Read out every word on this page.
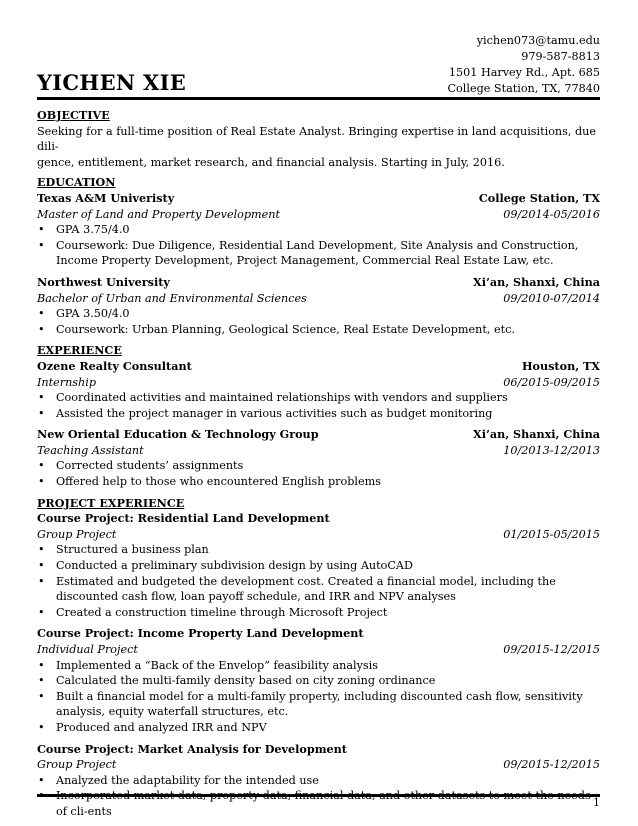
yichen073@tamu.edu
979-587-8813
1501 Harvey Rd., Apt. 685
College Station, TX, 77840
YICHEN XIE
OBJECTIVE
Seeking for a full-time position of Real Estate Analyst. Bringing expertise in land acquisitions, due dili-
gence, entitlement, market research, and financial analysis. Starting in July, 2016.
EDUCATION
Texas A&M Univeristy	College Station, TX
Master of Land and Property Development	09/2014-05/2016
• GPA 3.75/4.0
• Coursework: Due Diligence, Residential Land Development, Site Analysis and Construction, Income Property Development, Project Management, Commercial Real Estate Law, etc.
Northwest University	Xi’an, Shanxi, China
Bachelor of Urban and Environmental Sciences	09/2010-07/2014
• GPA 3.50/4.0
• Coursework: Urban Planning, Geological Science, Real Estate Development, etc.
EXPERIENCE
Ozene Realty Consultant	Houston, TX
Internship	06/2015-09/2015
• Coordinated activities and maintained relationships with vendors and suppliers
• Assisted the project manager in various activities such as budget monitoring
New Oriental Education & Technology Group	Xi’an, Shanxi, China
Teaching Assistant	10/2013-12/2013
• Corrected students’ assignments
• Offered help to those who encountered English problems
PROJECT EXPERIENCE
Course Project: Residential Land Development
Group Project	01/2015-05/2015
• Structured a business plan
• Conducted a preliminary subdivision design by using AutoCAD
• Estimated and budgeted the development cost. Created a financial model, including the discounted cash flow, loan payoff schedule, and IRR and NPV analyses
• Created a construction timeline through Microsoft Project
Course Project: Income Property Land Development
Individual Project	09/2015-12/2015
• Implemented a “Back of the Envelop” feasibility analysis
• Calculated the multi-family density based on city zoning ordinance
• Built a financial model for a multi-family property, including discounted cash flow, sensitivity analysis, equity waterfall structures, etc.
• Produced and analyzed IRR and NPV
Course Project: Market Analysis for Development
Group Project	09/2015-12/2015
• Analyzed the adaptability for the intended use
• Incorporated market data, property data, financial data, and other datasets to meet the needs of cli-ents
1
